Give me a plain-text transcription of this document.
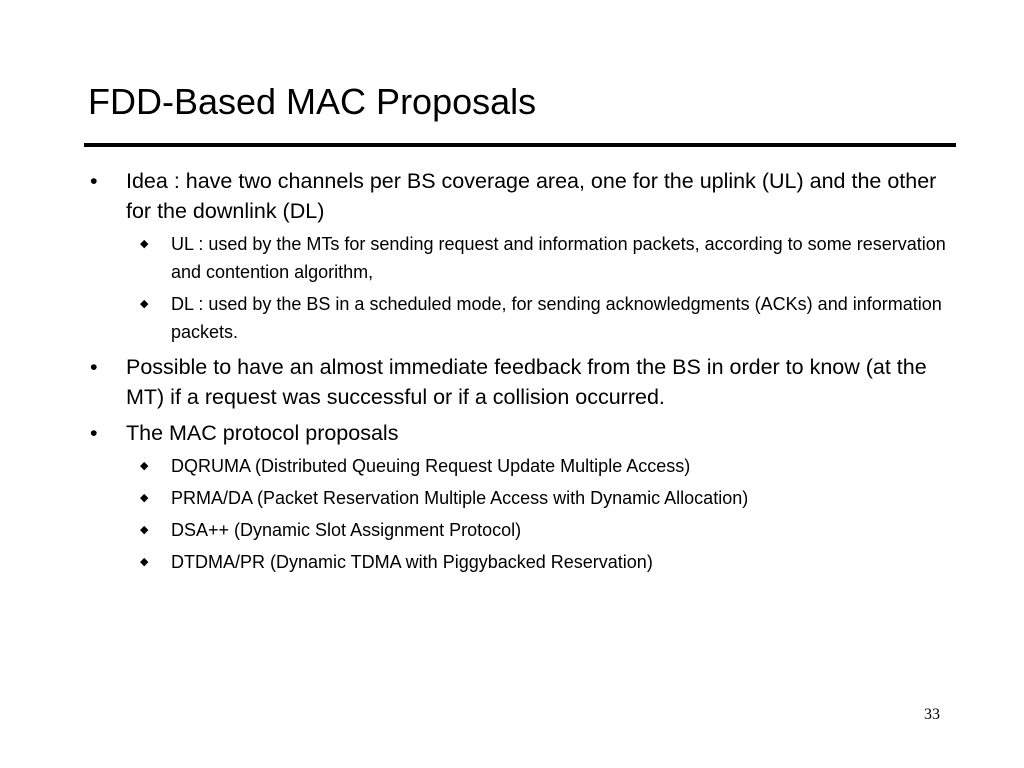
FDD-Based MAC Proposals
•	Idea : have two channels per BS coverage area, one for the uplink (UL) and the other for the downlink (DL)
◆ UL : used by the MTs for sending request and information packets, according to some reservation and contention algorithm,
◆ DL : used by the BS in a scheduled mode, for sending acknowledgments (ACKs) and information packets.
•	Possible to have an almost immediate feedback from the BS in order to know (at the MT) if a request was successful or if a collision occurred.
•	The MAC protocol proposals
◆ DQRUMA (Distributed Queuing Request Update Multiple Access)
◆ PRMA/DA (Packet Reservation Multiple Access with Dynamic Allocation)
◆ DSA++ (Dynamic Slot Assignment Protocol)
◆ DTDMA/PR (Dynamic TDMA with Piggybacked Reservation)
33
